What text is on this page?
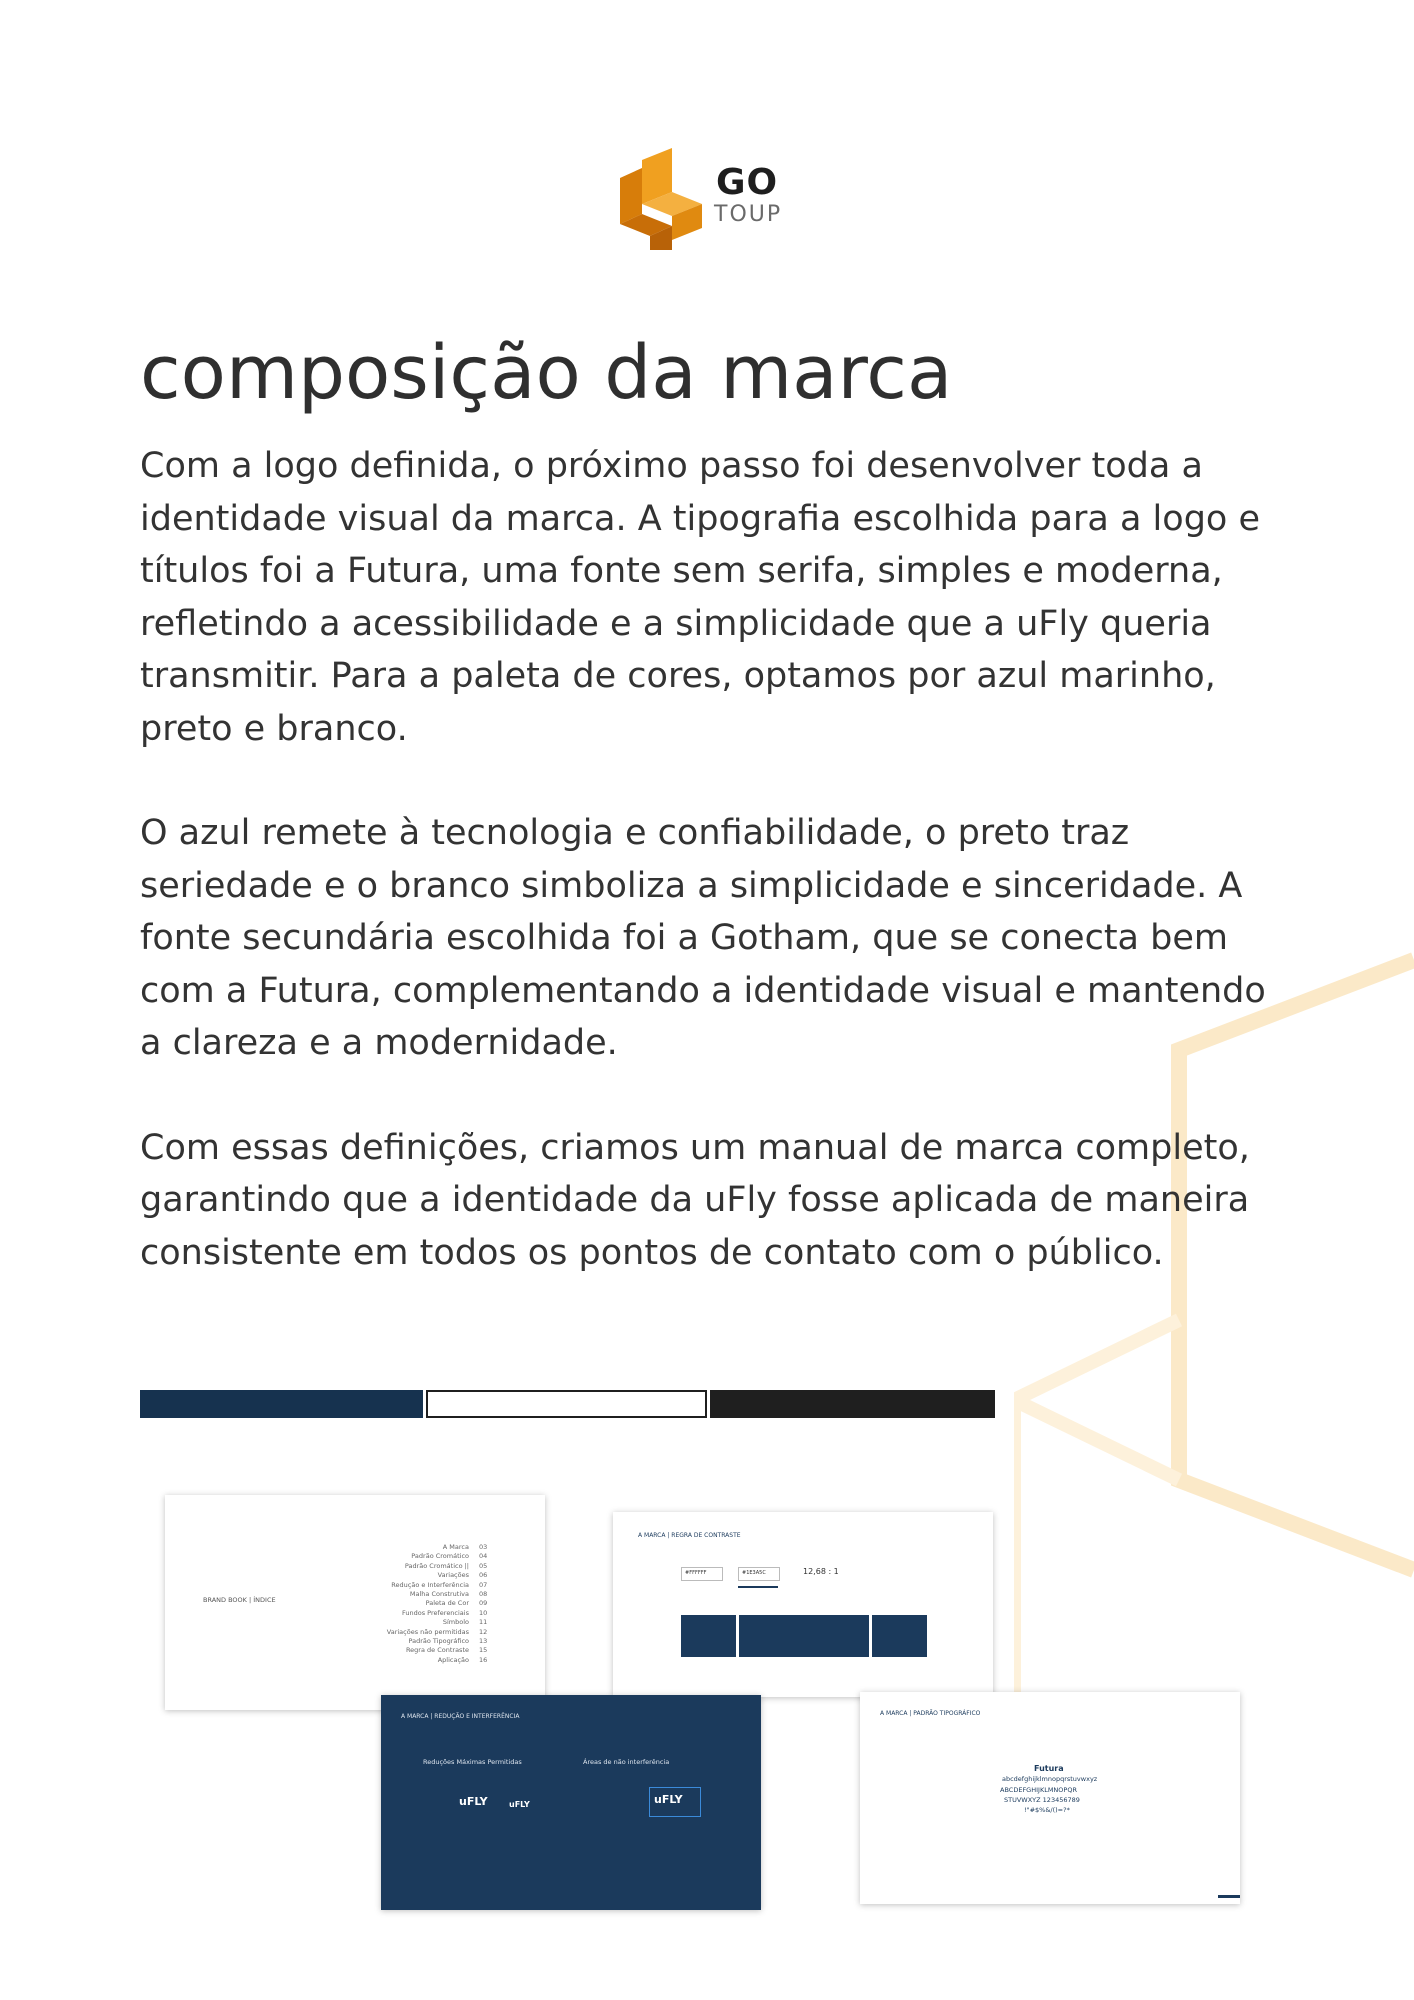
GO
TOUP
composição da marca

Com a logo definida, o próximo passo foi desenvolver toda a identidade visual da marca. A tipografia escolhida para a logo e títulos foi a Futura, uma fonte sem serifa, simples e moderna, refletindo a acessibilidade e a simplicidade que a uFly queria transmitir. Para a paleta de cores, optamos por azul marinho, preto e branco.

O azul remete à tecnologia e confiabilidade, o preto traz seriedade e o branco simboliza a simplicidade e sinceridade. A fonte secundária escolhida foi a Gotham, que se conecta bem com a Futura, complementando a identidade visual e mantendo a clareza e a modernidade.

Com essas definições, criamos um manual de marca completo, garantindo que a identidade da uFly fosse aplicada de maneira consistente em todos os pontos de contato com o público.

BRAND BOOK | ÍNDICE
A Marca 03
Padrão Cromático 04
Padrão Cromático || 05
Variações 06
Redução e Interferência 07
Malha Construtiva 08
Paleta de Cor 09
Fundos Preferenciais 10
Símbolo 11
Variações não permitidas 12
Padrão Tipográfico 13
Regra de Contraste 15
Aplicação 16
A MARCA | REGRA DE CONTRASTE
#FFFFFF	#1E3A5C	12,68 : 1
A MARCA | REDUÇÃO E INTERFERÊNCIA
Reduções Máximas Permitidas	Áreas de não interferência
uFLY	uFLY	uFLY
A MARCA | PADRÃO TIPOGRÁFICO
Futura
abcdefghijklmnopqrstuvwxyz
ABCDEFGHIJKLMNOPQR
STUVWXYZ 123456789
!"#$%&/()=?*
